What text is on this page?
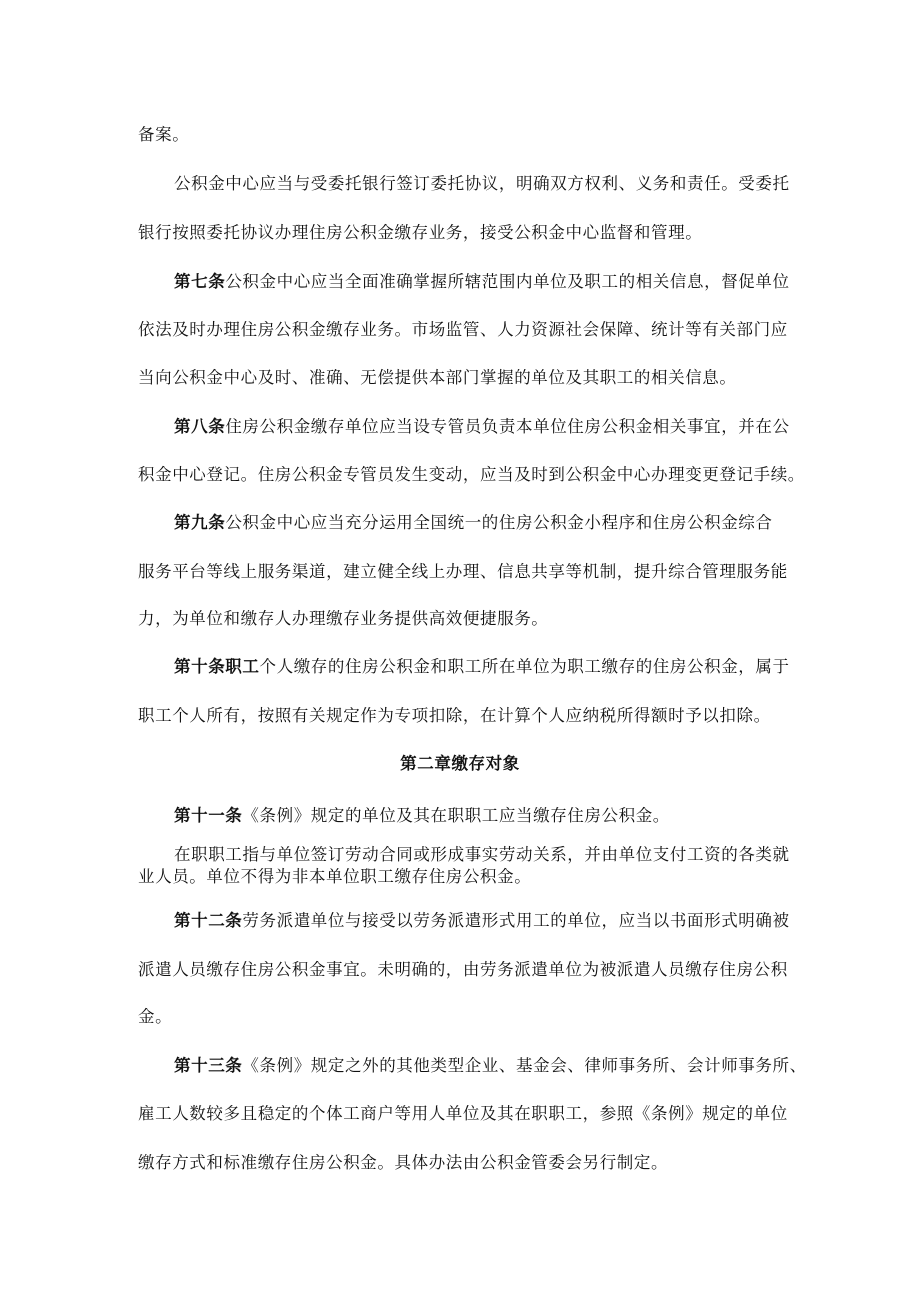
备案。
公积金中心应当与受委托银行签订委托协议，明确双方权利、义务和责任。受委托
银行按照委托协议办理住房公积金缴存业务，接受公积金中心监督和管理。
第七条公积金中心应当全面准确掌握所辖范围内单位及职工的相关信息，督促单位
依法及时办理住房公积金缴存业务。市场监管、人力资源社会保障、统计等有关部门应
当向公积金中心及时、准确、无偿提供本部门掌握的单位及其职工的相关信息。
第八条住房公积金缴存单位应当设专管员负责本单位住房公积金相关事宜，并在公
积金中心登记。住房公积金专管员发生变动，应当及时到公积金中心办理变更登记手续。
第九条公积金中心应当充分运用全国统一的住房公积金小程序和住房公积金综合
服务平台等线上服务渠道，建立健全线上办理、信息共享等机制，提升综合管理服务能
力，为单位和缴存人办理缴存业务提供高效便捷服务。
第十条职工个人缴存的住房公积金和职工所在单位为职工缴存的住房公积金，属于
职工个人所有，按照有关规定作为专项扣除，在计算个人应纳税所得额时予以扣除。
第二章缴存对象
第十一条《条例》规定的单位及其在职职工应当缴存住房公积金。
在职职工指与单位签订劳动合同或形成事实劳动关系，并由单位支付工资的各类就
业人员。单位不得为非本单位职工缴存住房公积金。
第十二条劳务派遣单位与接受以劳务派遣形式用工的单位，应当以书面形式明确被
派遣人员缴存住房公积金事宜。未明确的，由劳务派遣单位为被派遣人员缴存住房公积
金。
第十三条《条例》规定之外的其他类型企业、基金会、律师事务所、会计师事务所、
雇工人数较多且稳定的个体工商户等用人单位及其在职职工，参照《条例》规定的单位
缴存方式和标准缴存住房公积金。具体办法由公积金管委会另行制定。
